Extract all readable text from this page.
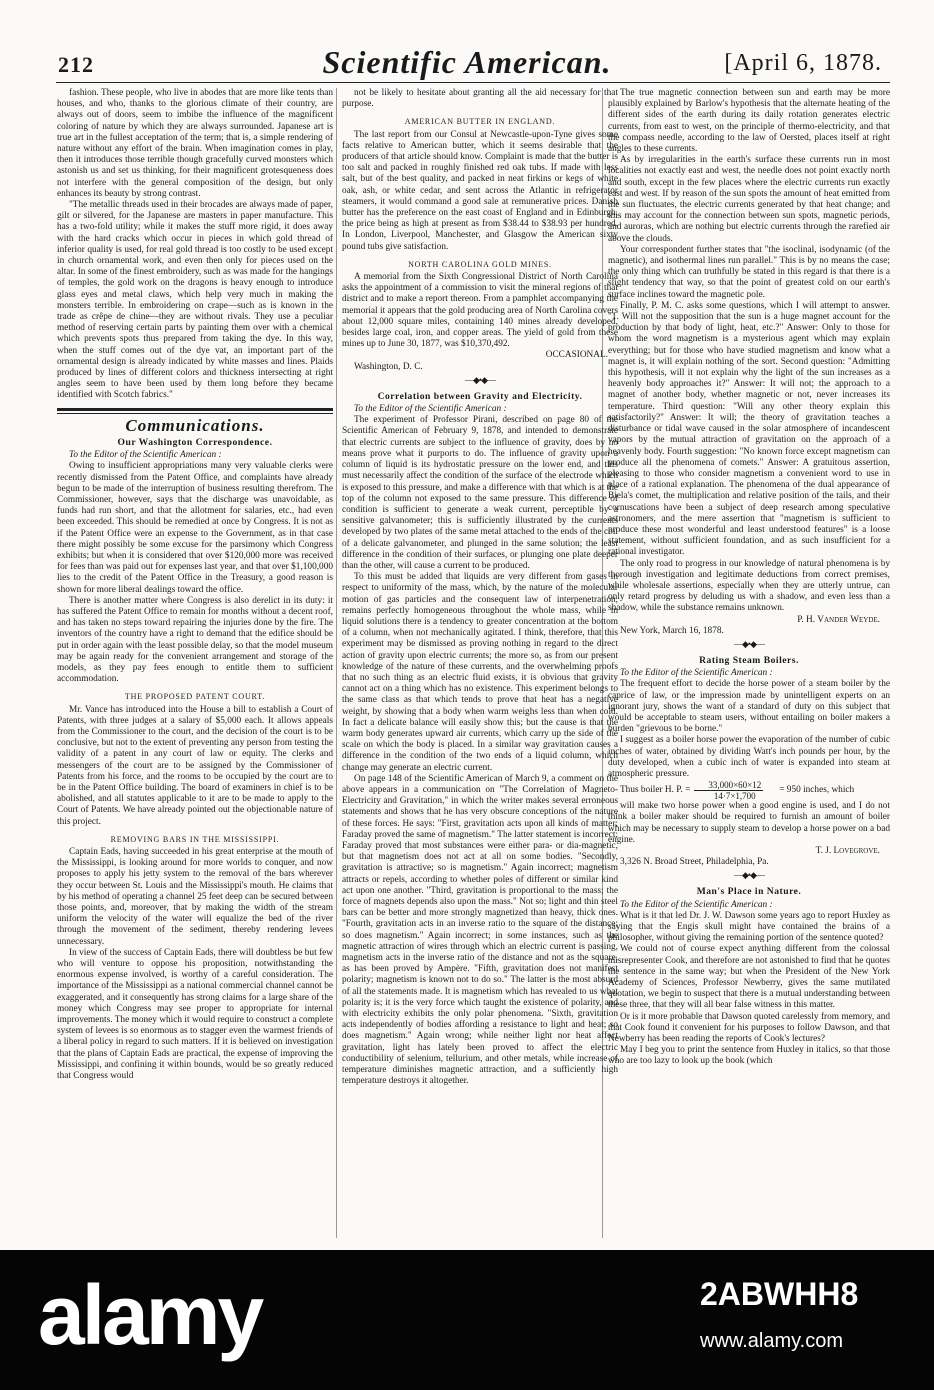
212	Scientific American.	[April 6, 1878.

fashion. These people, who live in abodes that are more like tents than houses, and who, thanks to the glorious climate of their country, are always out of doors, seem to imbibe the influence of the magnificent coloring of nature by which they are always surrounded. Japanese art is true art in the fullest acceptation of the term; that is, a simple rendering of nature without any effort of the brain. When imagination comes in play, then it introduces those terrible though gracefully curved monsters which astonish us and set us thinking, for their magnificent grotesqueness does not interfere with the general composition of the design, but only enhances its beauty by strong contrast.

"The metallic threads used in their brocades are always made of paper, gilt or silvered, for the Japanese are masters in paper manufacture. This has a two-fold utility; while it makes the stuff more rigid, it does away with the hard cracks which occur in pieces in which gold thread of inferior quality is used, for real gold thread is too costly to be used except in church ornamental work, and even then only for pieces used on the altar. In some of the finest embroidery, such as was made for the hangings of temples, the gold work on the dragons is heavy enough to introduce glass eyes and metal claws, which help very much in making the monsters terrible. In embroidering on crape—such as is known in the trade as crêpe de chine—they are without rivals. They use a peculiar method of reserving certain parts by painting them over with a chemical which prevents spots thus prepared from taking the dye. In this way, when the stuff comes out of the dye vat, an important part of the ornamental design is already indicated by white masses and lines. Plaids produced by lines of different colors and thickness intersecting at right angles seem to have been used by them long before they became identified with Scotch fabrics."

Communications.
Our Washington Correspondence.

To the Editor of the Scientific American :

Owing to insufficient appropriations many very valuable clerks were recently dismissed from the Patent Office, and complaints have already begun to be made of the interruption of business resulting therefrom. The Commissioner, however, says that the discharge was unavoidable, as funds had run short, and that the allotment for salaries, etc., had even been exceeded. This should be remedied at once by Congress. It is not as if the Patent Office were an expense to the Government, as in that case there might possibly be some excuse for the parsimony which Congress exhibits; but when it is considered that over $120,000 more was received for fees than was paid out for expenses last year, and that over $1,100,000 lies to the credit of the Patent Office in the Treasury, a good reason is shown for more liberal dealings toward the office.

There is another matter where Congress is also derelict in its duty: it has suffered the Patent Office to remain for months without a decent roof, and has taken no steps toward repairing the injuries done by the fire. The inventors of the country have a right to demand that the edifice should be put in order again with the least possible delay, so that the model museum may be again ready for the convenient arrangement and storage of the models, as they pay fees enough to entitle them to sufficient accommodation.

THE PROPOSED PATENT COURT.

Mr. Vance has introduced into the House a bill to establish a Court of Patents, with three judges at a salary of $5,000 each. It allows appeals from the Commissioner to the court, and the decision of the court is to be conclusive, but not to the extent of preventing any person from testing the validity of a patent in any court of law or equity. The clerks and messengers of the court are to be assigned by the Commissioner of Patents from his force, and the rooms to be occupied by the court are to be in the Patent Office building. The board of examiners in chief is to be abolished, and all statutes applicable to it are to be made to apply to the Court of Patents. We have already pointed out the objectionable nature of this project.

REMOVING BARS IN THE MISSISSIPPI.

Captain Eads, having succeeded in his great enterprise at the mouth of the Mississippi, is looking around for more worlds to conquer, and now proposes to apply his jetty system to the removal of the bars wherever they occur between St. Louis and the Mississippi's mouth. He claims that by his method of operating a channel 25 feet deep can be secured between those points, and, moreover, that by making the width of the stream uniform the velocity of the water will equalize the bed of the river through the movement of the sediment, thereby rendering levees unnecessary.

In view of the success of Captain Eads, there will doubtless be but few who will venture to oppose his proposition, notwithstanding the enormous expense involved, is worthy of a careful consideration. The importance of the Mississippi as a national commercial channel cannot be exaggerated, and it consequently has strong claims for a large share of the money which Congress may see proper to appropriate for internal improvements. The money which it would require to construct a complete system of levees is so enormous as to stagger even the warmest friends of a liberal policy in regard to such matters. If it is believed on investigation that the plans of Captain Eads are practical, the expense of improving the Mississippi, and confining it within bounds, would be so greatly reduced that Congress would

not be likely to hesitate about granting all the aid necessary for that purpose.

AMERICAN BUTTER IN ENGLAND.

The last report from our Consul at Newcastle-upon-Tyne gives some facts relative to American butter, which it seems desirable that the producers of that article should know. Complaint is made that the butter is too salt and packed in roughly finished red oak tubs. If made with less salt, but of the best quality, and packed in neat firkins or kegs of white oak, ash, or white cedar, and sent across the Atlantic in refrigerator steamers, it would command a good sale at remunerative prices. Danish butter has the preference on the east coast of England and in Edinburgh, the price being as high at present as from $38.44 to $38.93 per hundred. In London, Liverpool, Manchester, and Glasgow the American sixty pound tubs give satisfaction.

NORTH CAROLINA GOLD MINES.

A memorial from the Sixth Congressional District of North Carolina asks the appointment of a commission to visit the mineral regions of that district and to make a report thereon. From a pamphlet accompanying the memorial it appears that the gold producing area of North Carolina covers about 12,000 square miles, containing 140 mines already developed, besides large coal, iron, and copper areas. The yield of gold from these mines up to June 30, 1877, was $10,370,492.

OCCASIONAL.

Washington, D. C.

—◆•◆—
Correlation between Gravity and Electricity.

To the Editor of the Scientific American :

The experiment of Professor Pirani, described on page 80 of the Scientific American of February 9, 1878, and intended to demonstrate that electric currents are subject to the influence of gravity, does by no means prove what it purports to do. The influence of gravity upon a column of liquid is its hydrostatic pressure on the lower end, and this must necessarily affect the condition of the surface of the electrode which is exposed to this pressure, and make a difference with that which is at the top of the column not exposed to the same pressure. This difference of condition is sufficient to generate a weak current, perceptible by a sensitive galvanometer; this is sufficiently illustrated by the currents developed by two plates of the same metal attached to the ends of the coil of a delicate galvanometer, and plunged in the same solution; the least difference in the condition of their surfaces, or plunging one plate deeper than the other, will cause a current to be produced.

To this must be added that liquids are very different from gases in respect to uniformity of the mass, which, by the nature of the molecular motion of gas particles and the consequent law of interpenetration, remains perfectly homogeneous throughout the whole mass, while in liquid solutions there is a tendency to greater concentration at the bottom of a column, when not mechanically agitated. I think, therefore, that this experiment may be dismissed as proving nothing in regard to the direct action of gravity upon electric currents; the more so, as from our present knowledge of the nature of these currents, and the overwhelming proofs that no such thing as an electric fluid exists, it is obvious that gravity cannot act on a thing which has no existence. This experiment belongs to the same class as that which tends to prove that heat has a negative weight, by showing that a body when warm weighs less than when cold. In fact a delicate balance will easily show this; but the cause is that the warm body generates upward air currents, which carry up the side of the scale on which the body is placed. In a similar way gravitation causes a difference in the condition of the two ends of a liquid column, which change may generate an electric current.

On page 148 of the Scientific American of March 9, a comment on the above appears in a communication on "The Correlation of Magneto-Electricity and Gravitation," in which the writer makes several erroneous statements and shows that he has very obscure conceptions of the nature of these forces. He says: "First, gravitation acts upon all kinds of matter; Faraday proved the same of magnetism." The latter statement is incorrect; Faraday proved that most substances were either para- or dia-magnetic, but that magnetism does not act at all on some bodies. "Secondly, gravitation is attractive; so is magnetism." Again incorrect; magnetism attracts or repels, according to whether poles of different or similar kind act upon one another. "Third, gravitation is proportional to the mass; the force of magnets depends also upon the mass." Not so; light and thin steel bars can be better and more strongly magnetized than heavy, thick ones. "Fourth, gravitation acts in an inverse ratio to the square of the distance; so does magnetism." Again incorrect; in some instances, such as the magnetic attraction of wires through which an electric current is passing, magnetism acts in the inverse ratio of the distance and not as the square, as has been proved by Ampère. "Fifth, gravitation does not manifest polarity; magnetism is known not to do so." The latter is the most absurd of all the statements made. It is magnetism which has revealed to us what polarity is; it is the very force which taught the existence of polarity, and with electricity exhibits the only polar phenomena. "Sixth, gravitation acts independently of bodies affording a resistance to light and heat; so does magnetism." Again wrong; while neither light nor heat affect gravitation, light has lately been proved to affect the electric conductibility of selenium, tellurium, and other metals, while increase of temperature diminishes magnetic attraction, and a sufficiently high temperature destroys it altogether.

The true magnetic connection between sun and earth may be more plausibly explained by Barlow's hypothesis that the alternate heating of the different sides of the earth during its daily rotation generates electric currents, from east to west, on the principle of thermo-electricity, and that the compass needle, according to the law of Oersted, places itself at right angles to these currents.

As by irregularities in the earth's surface these currents run in most localities not exactly east and west, the needle does not point exactly north and south, except in the few places where the electric currents run exactly east and west. If by reason of the sun spots the amount of heat emitted from the sun fluctuates, the electric currents generated by that heat change; and this may account for the connection between sun spots, magnetic periods, and auroras, which are nothing but electric currents through the rarefied air above the clouds.

Your correspondent further states that "the isoclinal, isodynamic (of the magnetic), and isothermal lines run parallel." This is by no means the case; the only thing which can truthfully be stated in this regard is that there is a slight tendency that way, so that the point of greatest cold on our earth's surface inclines toward the magnetic pole.

Finally, P. M. C. asks some questions, which I will attempt to answer. "1. Will not the supposition that the sun is a huge magnet account for the production by that body of light, heat, etc.?" Answer: Only to those for whom the word magnetism is a mysterious agent which may explain everything; but for those who have studied magnetism and know what a magnet is, it will explain nothing of the sort. Second question: "Admitting this hypothesis, will it not explain why the light of the sun increases as a heavenly body approaches it?" Answer: It will not; the approach to a magnet of another body, whether magnetic or not, never increases its temperature. Third question: "Will any other theory explain this satisfactorily?" Answer: It will; the theory of gravitation teaches a disturbance or tidal wave caused in the solar atmosphere of incandescent vapors by the mutual attraction of gravitation on the approach of a heavenly body. Fourth suggestion: "No known force except magnetism can produce all the phenomena of comets." Answer: A gratuitous assertion, pleasing to those who consider magnetism a convenient word to use in place of a rational explanation. The phenomena of the dual appearance of Biela's comet, the multiplication and relative position of the tails, and their cornuscations have been a subject of deep research among speculative astronomers, and the mere assertion that "magnetism is sufficient to produce these most wonderful and least understood features" is a loose statement, without sufficient foundation, and as such insufficient for a rational investigator.

The only road to progress in our knowledge of natural phenomena is by thorough investigation and legitimate deductions from correct premises, while wholesale assertions, especially when they are utterly untrue, can only retard progress by deluding us with a shadow, and even less than a shadow, while the substance remains unknown.

P. H. Vander Weyde.

New York, March 16, 1878.

—◆•◆—
Rating Steam Boilers.

To the Editor of the Scientific American :

The frequent effort to decide the horse power of a steam boiler by the caprice of law, or the impression made by unintelligent experts on an ignorant jury, shows the want of a standard of duty on this subject that would be acceptable to steam users, without entailing on boiler makers a burden "grievous to be borne."

I suggest as a boiler horse power the evaporation of the number of cubic inches of water, obtained by dividing Watt's inch pounds per hour, by the duty developed, when a cubic inch of water is expanded into steam at atmospheric pressure.

Thus boiler H. P. = $\frac{33,000\times 60\times 12}{14\cdot 7\times 1,700}$	= 950 inches, which

will make two horse power when a good engine is used, and I do not think a boiler maker should be required to furnish an amount of boiler which may be necessary to supply steam to develop a horse power on a bad engine.

T. J. Lovegrove.

3,326 N. Broad Street, Philadelphia, Pa.

—◆•◆—
Man's Place in Nature.

To the Editor of the Scientific American :

What is it that led Dr. J. W. Dawson some years ago to report Huxley as saying that the Engis skull might have contained the brains of a philosopher, without giving the remaining portion of the sentence quoted?

We could not of course expect anything different from the colossal misrepresenter Cook, and therefore are not astonished to find that he quotes the sentence in the same way; but when the President of the New York Academy of Sciences, Professor Newberry, gives the same mutilated quotation, we begin to suspect that there is a mutual understanding between these three, that they will all bear false witness in this matter.

Or is it more probable that Dawson quoted carelessly from memory, and that Cook found it convenient for his purposes to follow Dawson, and that Newberry has been reading the reports of Cook's lectures?

May I beg you to print the sentence from Huxley in italics, so that those who are too lazy to look up the book (which

alamy	2ABWHH8
www.alamy.com
